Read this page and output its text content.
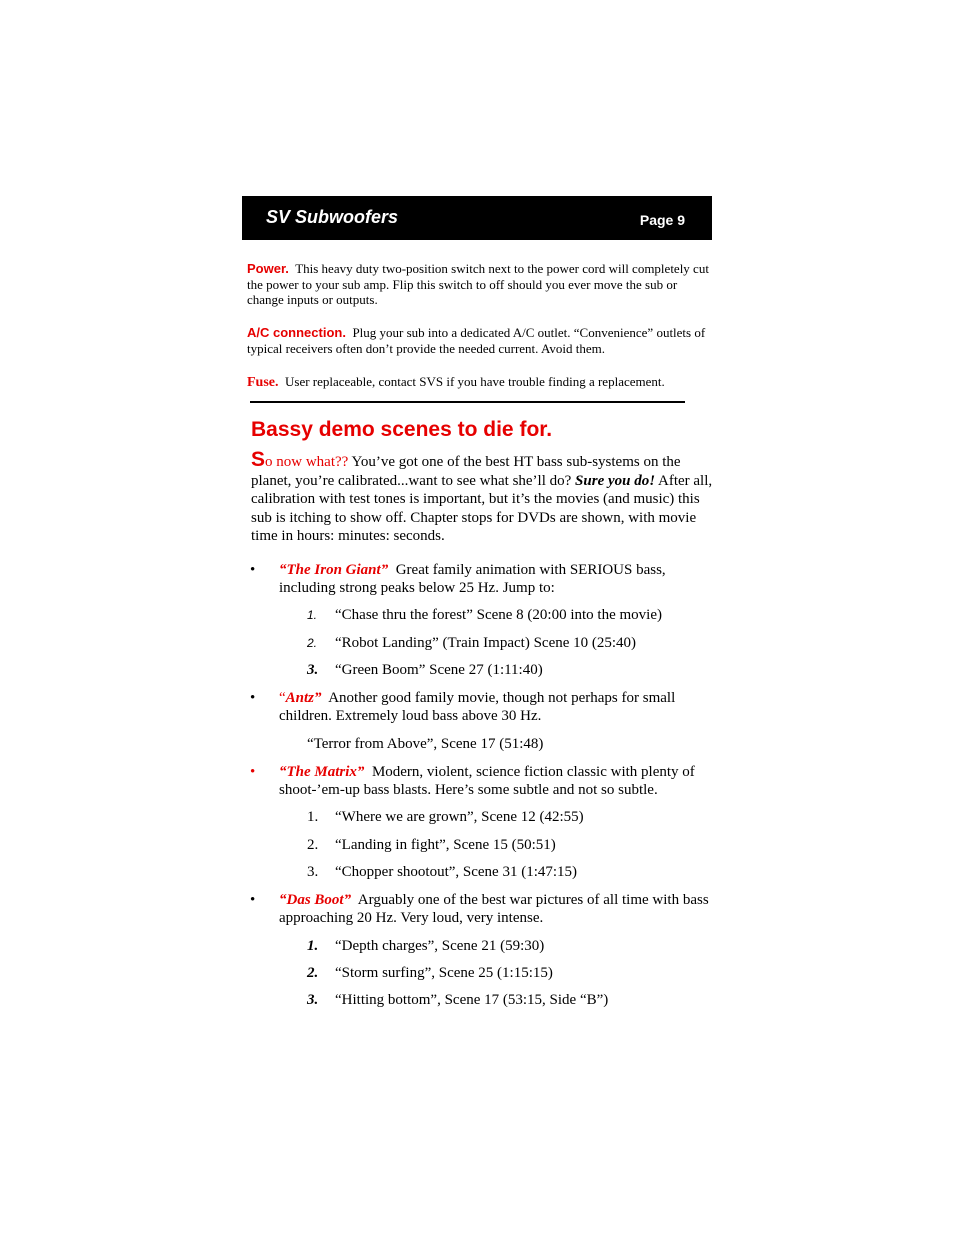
SV Subwoofers	Page 9
Power. This heavy duty two-position switch next to the power cord will completely cut the power to your sub amp. Flip this switch to off should you ever move the sub or change inputs or outputs.
A/C connection. Plug your sub into a dedicated A/C outlet. “Convenience” outlets of typical receivers often don’t provide the needed current. Avoid them.
Fuse. User replaceable, contact SVS if you have trouble finding a replacement.
Bassy demo scenes to die for.
So now what?? You’ve got one of the best HT bass sub-systems on the planet, you’re calibrated...want to see what she’ll do? Sure you do! After all, calibration with test tones is important, but it’s the movies (and music) this sub is itching to show off. Chapter stops for DVDs are shown, with movie time in hours: minutes: seconds.
• “The Iron Giant” Great family animation with SERIOUS bass, including strong peaks below 25 Hz. Jump to:
1. “Chase thru the forest” Scene 8 (20:00 into the movie)
2. “Robot Landing” (Train Impact) Scene 10 (25:40)
3. “Green Boom” Scene 27 (1:11:40)
• “Antz” Another good family movie, though not perhaps for small children. Extremely loud bass above 30 Hz.
“Terror from Above”, Scene 17 (51:48)
• “The Matrix” Modern, violent, science fiction classic with plenty of shoot-’em-up bass blasts. Here’s some subtle and not so subtle.
1. “Where we are grown”, Scene 12 (42:55)
2. “Landing in fight”, Scene 15 (50:51)
3. “Chopper shootout”, Scene 31 (1:47:15)
• “Das Boot” Arguably one of the best war pictures of all time with bass approaching 20 Hz. Very loud, very intense.
1. “Depth charges”, Scene 21 (59:30)
2. “Storm surfing”, Scene 25 (1:15:15)
3. “Hitting bottom”, Scene 17 (53:15, Side “B”)
